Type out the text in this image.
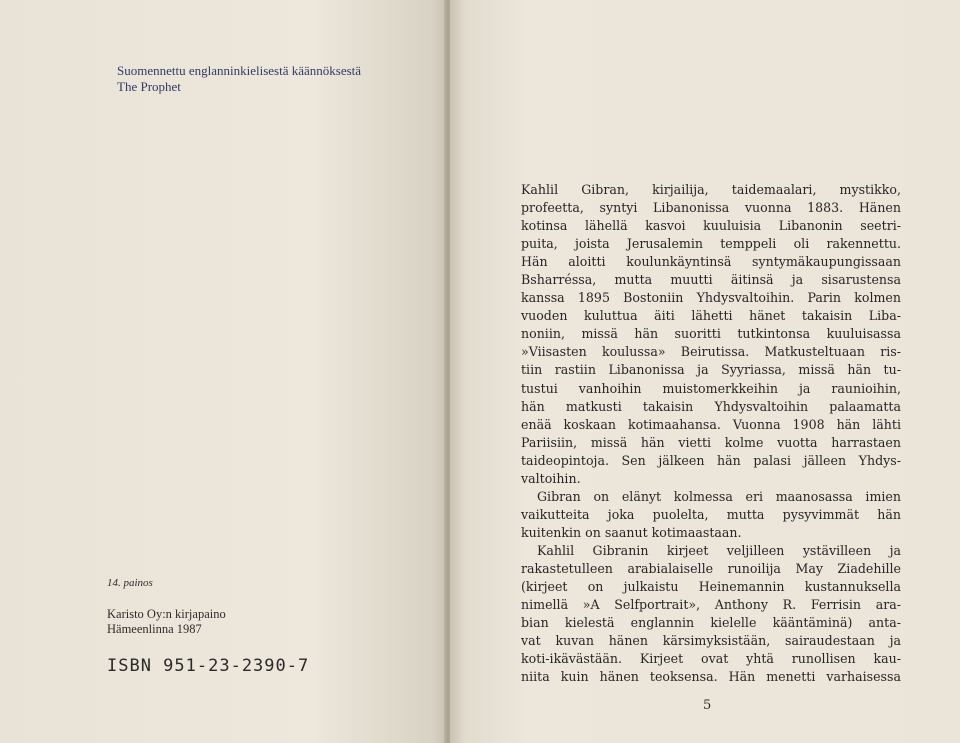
Suomennettu englanninkielisestä käännöksestä
The Prophet
14. painos
Karisto Oy:n kirjapaino
Hämeenlinna 1987
ISBN 951-23-2390-7
Kahlil Gibran, kirjailija, taidemaalari, mystikko,
profeetta, syntyi Libanonissa vuonna 1883. Hänen
kotinsa lähellä kasvoi kuuluisia Libanonin seetri-
puita, joista Jerusalemin temppeli oli rakennettu.
Hän aloitti koulunkäyntinsä syntymäkaupungissaan
Bsharréssa, mutta muutti äitinsä ja sisarustensa
kanssa 1895 Bostoniin Yhdysvaltoihin. Parin kolmen
vuoden kuluttua äiti lähetti hänet takaisin Liba-
noniin, missä hän suoritti tutkintonsa kuuluisassa
»Viisasten koulussa» Beirutissa. Matkusteltuaan ris-
tiin rastiin Libanonissa ja Syyriassa, missä hän tu-
tustui vanhoihin muistomerkkeihin ja raunioihin,
hän matkusti takaisin Yhdysvaltoihin palaamatta
enää koskaan kotimaahansa. Vuonna 1908 hän lähti
Pariisiin, missä hän vietti kolme vuotta harrastaen
taideopintoja. Sen jälkeen hän palasi jälleen Yhdys-
valtoihin.
Gibran on elänyt kolmessa eri maanosassa imien
vaikutteita joka puolelta, mutta pysyvimmät hän
kuitenkin on saanut kotimaastaan.
Kahlil Gibranin kirjeet veljilleen ystävilleen ja
rakastetulleen arabialaiselle runoilija May Ziadehille
(kirjeet on julkaistu Heinemannin kustannuksella
nimellä »A Selfportrait», Anthony R. Ferrisin ara-
bian kielestä englannin kielelle kääntäminä) anta-
vat kuvan hänen kärsimyksistään, sairaudestaan ja
koti-ikävästään. Kirjeet ovat yhtä runollisen kau-
niita kuin hänen teoksensa. Hän menetti varhaisessa
5
